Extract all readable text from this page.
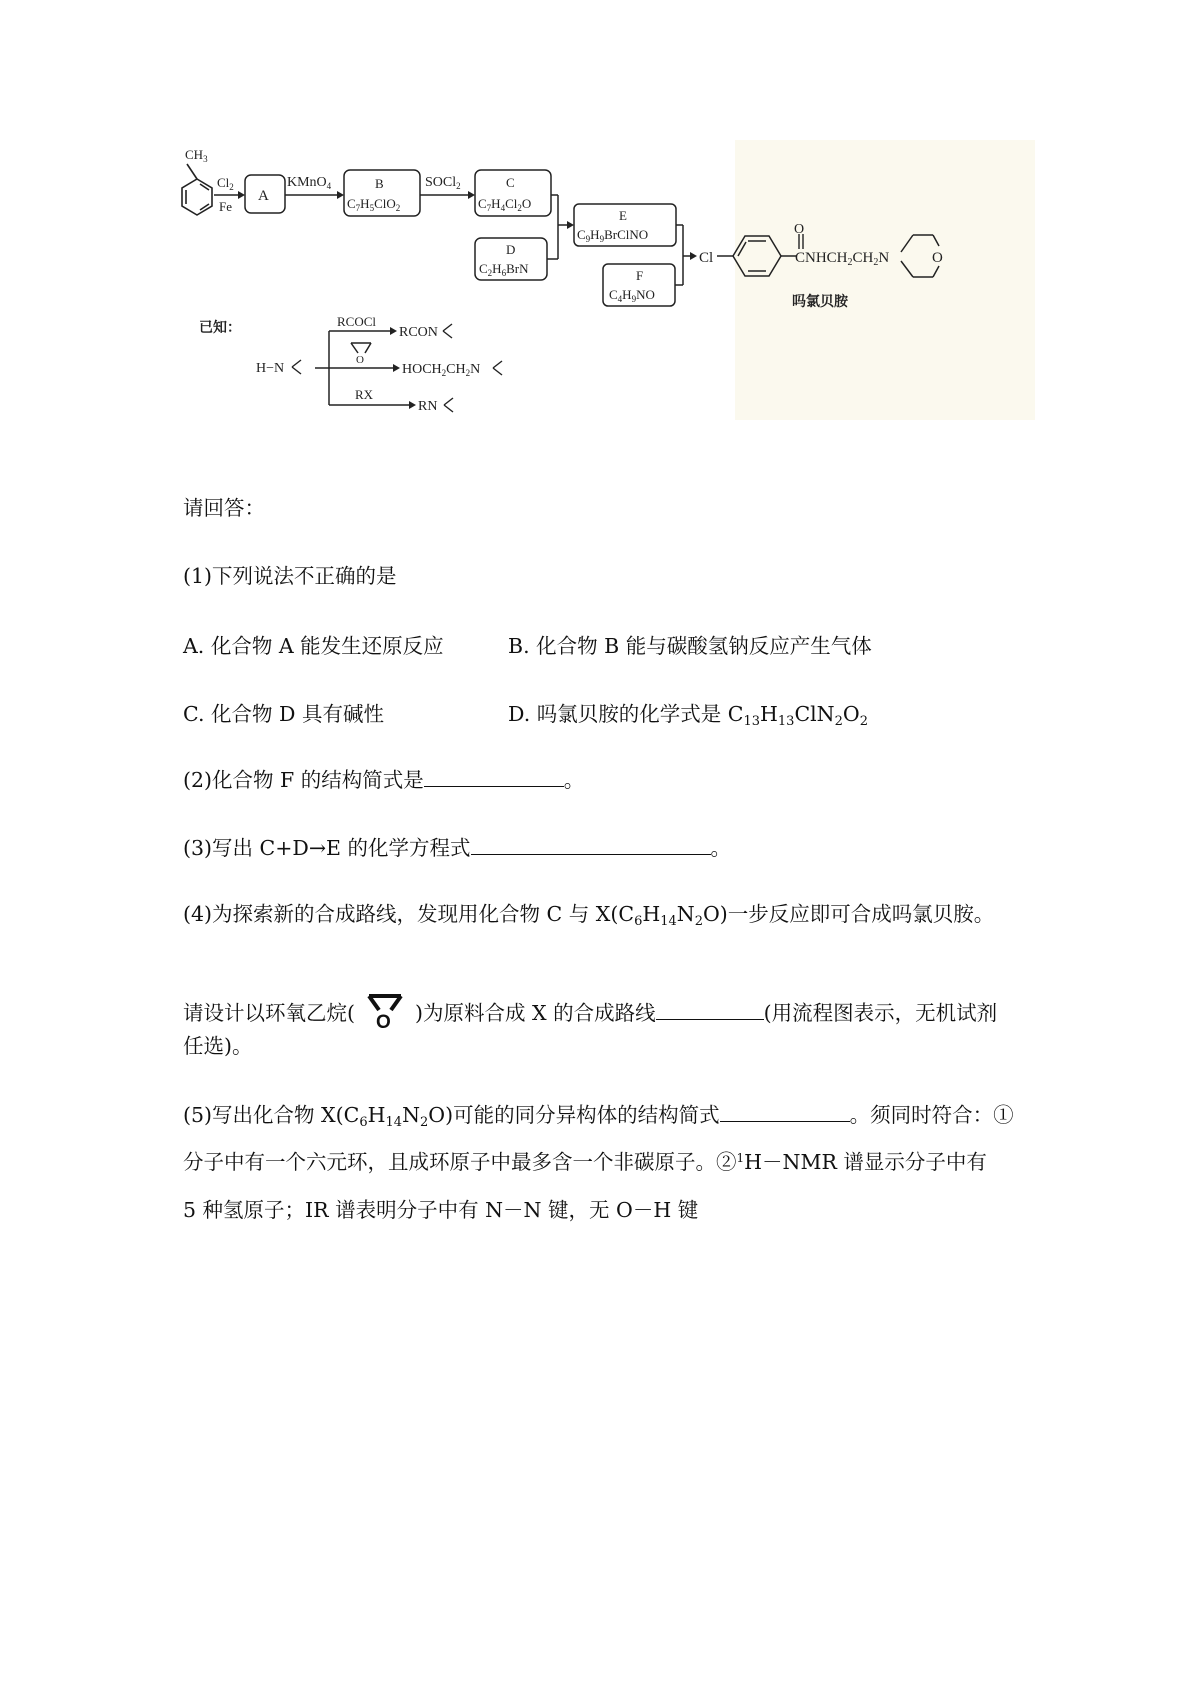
$CH_3$
$Cl_2$
Fe
A
KMnO$_4$	B
$C_7H_5ClO_2$
SOCl$_2$	C
$C_7H_4Cl_2O$
D
$C_2H_6BrN$
E
$C_9H_9BrClNO$
F
$C_4H_9NO$
Cl
O
$CNHCH_2CH_2N$	O
吗氯贝胺
已知：
H−N
RCOCl
RCON
O
$HOCH_2CH_2N$
RX
RN
请回答：
(1)下列说法不正确的是
A. 化合物 A 能发生还原反应	B. 化合物 B 能与碳酸氢钠反应产生气体
C. 化合物 D 具有碱性	D. 吗氯贝胺的化学式是 $C_{13}H_{13}ClN_2O_2$
(2)化合物 F 的结构简式是	。
(3)写出 C+D→E 的化学方程式	。
(4)为探索新的合成路线，发现用化合物 C 与 $X(C_6H_{14}N_2O)$一步反应即可合成吗氯贝胺。
请设计以环氧乙烷( O )为原料合成 X 的合成路线	(用流程图表示，无机试剂
任选)。
(5)写出化合物 $X(C_6H_{14}N_2O)$可能的同分异构体的结构简式	。须同时符合：①
分子中有一个六元环，且成环原子中最多含一个非碳原子。②$^1$H－NMR 谱显示分子中有
5 种氢原子；IR 谱表明分子中有 N－N 键，无 O－H 键
